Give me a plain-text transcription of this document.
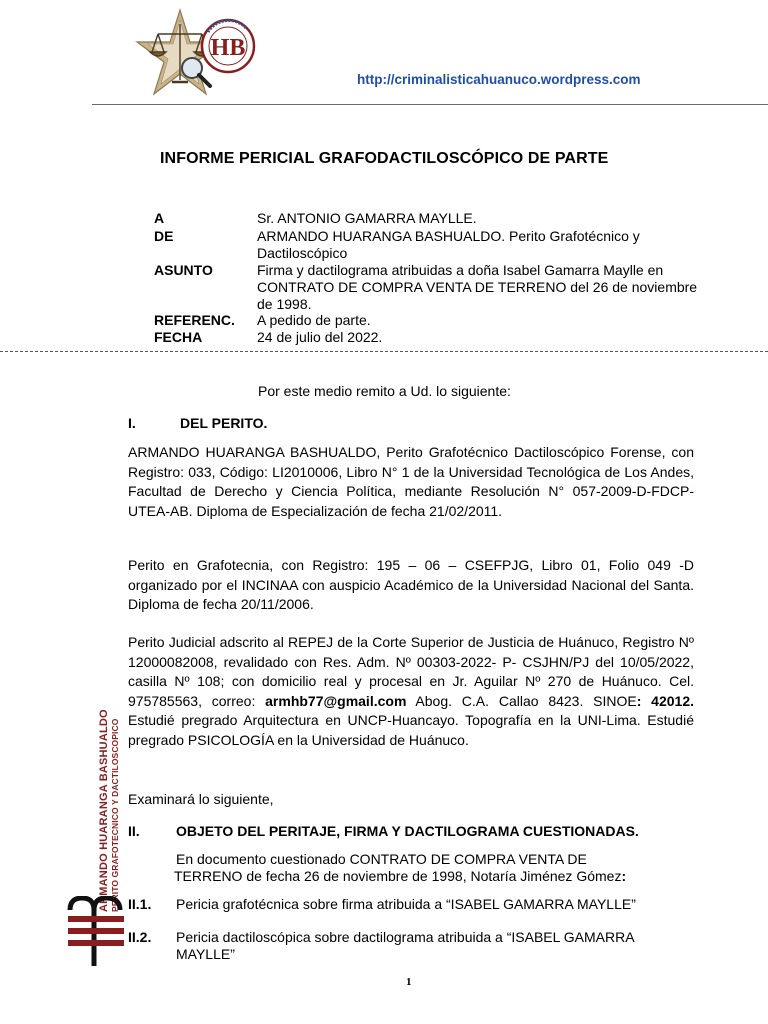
HB
http://criminalisticahuanuco.wordpress.com
INFORME PERICIAL GRAFODACTILOSCÓPICO DE PARTE
A	Sr. ANTONIO GAMARRA MAYLLE.
DE	ARMANDO HUARANGA BASHUALDO. Perito Grafotécnico y Dactiloscópico
ASUNTO	Firma y dactilograma atribuidas a doña Isabel Gamarra Maylle en CONTRATO DE COMPRA VENTA DE TERRENO del 26 de noviembre de 1998.
REFERENC. A pedido de parte.
FECHA	24 de julio del 2022.
Por este medio remito a Ud. lo siguiente:
I.	DEL PERITO.
ARMANDO HUARANGA BASHUALDO, Perito Grafotécnico Dactiloscópico Forense, con Registro: 033, Código: LI2010006, Libro N° 1 de la Universidad Tecnológica de Los Andes, Facultad de Derecho y Ciencia Política, mediante Resolución N° 057-2009-D-FDCP-UTEA-AB. Diploma de Especialización de fecha 21/02/2011.
Perito en Grafotecnia, con Registro: 195 – 06 – CSEFPJG, Libro 01, Folio 049 -D organizado por el INCINAA con auspicio Académico de la Universidad Nacional del Santa. Diploma de fecha 20/11/2006.
Perito Judicial adscrito al REPEJ de la Corte Superior de Justicia de Huánuco, Registro Nº 12000082008, revalidado con Res. Adm. Nº 00303-2022- P- CSJHN/PJ del 10/05/2022, casilla Nº 108; con domicilio real y procesal en Jr. Aguilar Nº 270 de Huánuco. Cel. 975785563, correo: armhb77@gmail.com Abog. C.A. Callao 8423. SINOE: 42012. Estudié pregrado Arquitectura en UNCP-Huancayo. Topografía en la UNI-Lima. Estudié pregrado PSICOLOGÍA en la Universidad de Huánuco.
Examinará lo siguiente,
II.	OBJETO DEL PERITAJE, FIRMA Y DACTILOGRAMA CUESTIONADAS.
En documento cuestionado CONTRATO DE COMPRA VENTA DE
TERRENO de fecha 26 de noviembre de 1998, Notaría Jiménez Gómez:
II.1. Pericia grafotécnica sobre firma atribuida a “ISABEL GAMARRA MAYLLE”
II.2. Pericia dactiloscópica sobre dactilograma atribuida a “ISABEL GAMARRA MAYLLE”
ARMANDO HUARANGA BASHUALDO PERITO GRAFOTECNICO Y DACTILOSCOPICO
1
